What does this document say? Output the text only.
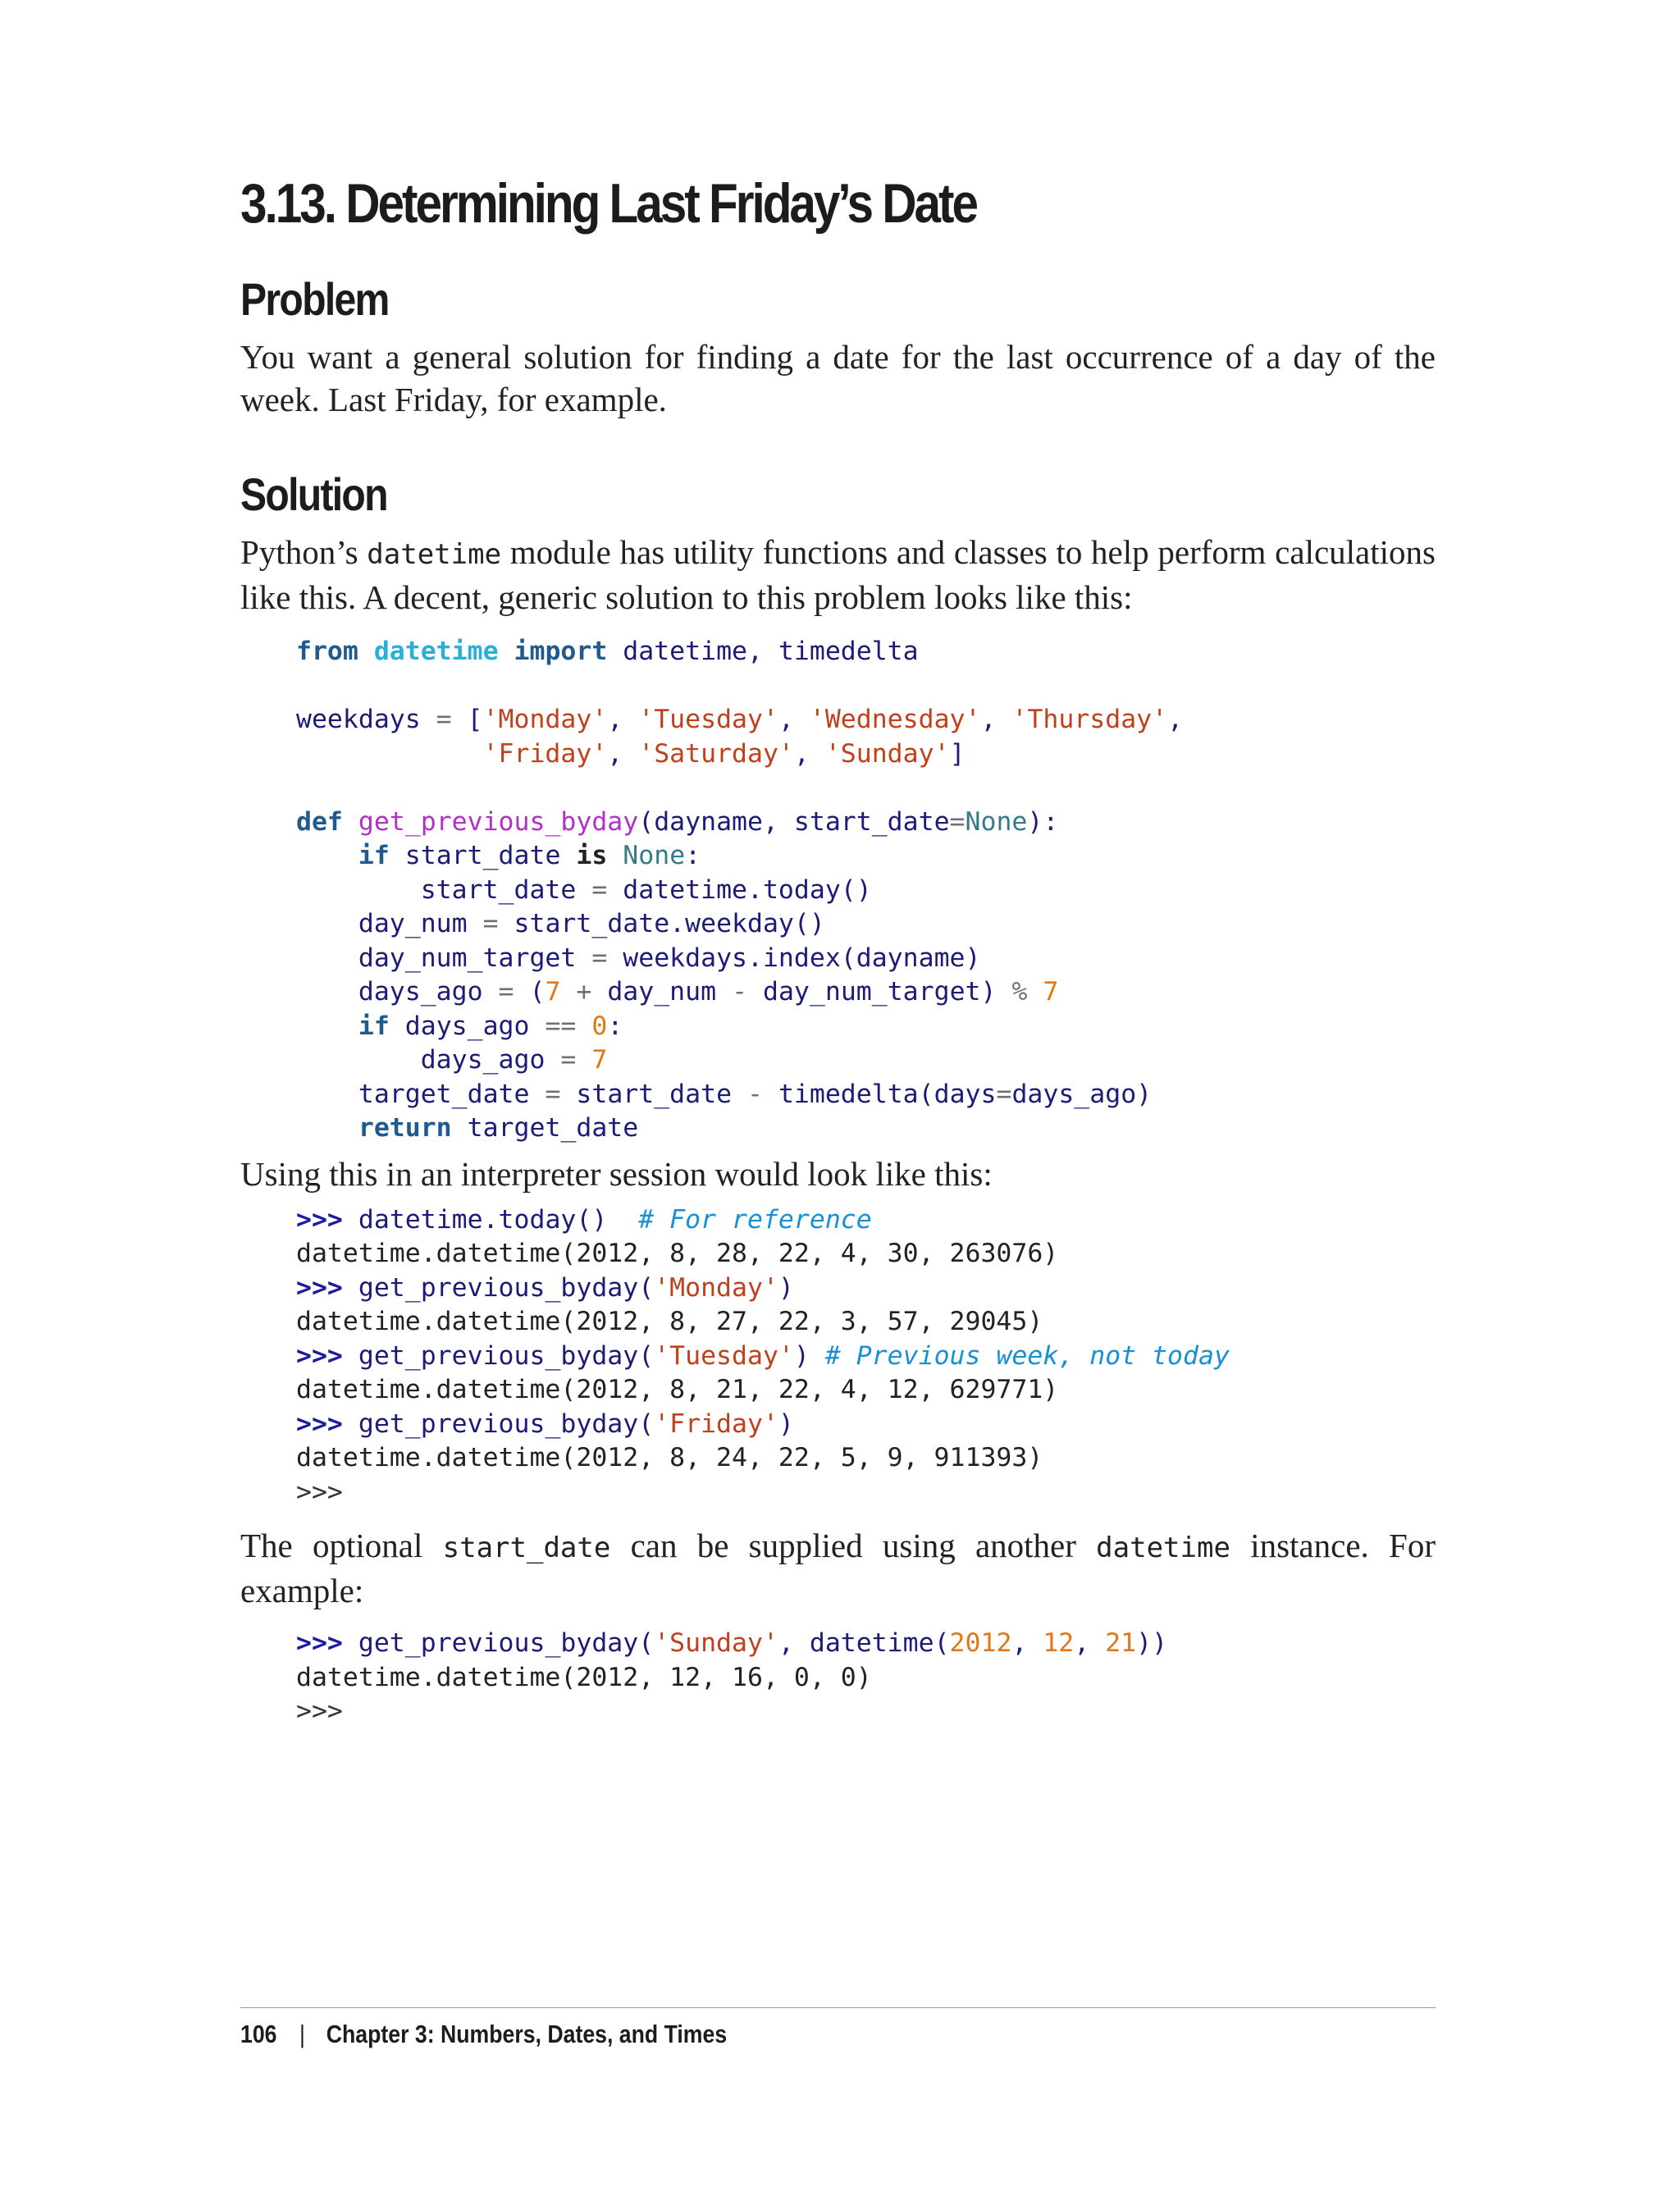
3.13. Determining Last Friday’s Date
Problem

You want a general solution for finding a date for the last occurrence of a day of the week. Last Friday, for example.

Solution

Python’s datetime module has utility functions and classes to help perform calculations like this. A decent, generic solution to this problem looks like this:

from datetime import datetime, timedelta
weekdays = ['Monday', 'Tuesday', 'Wednesday', 'Thursday',
'Friday', 'Saturday', 'Sunday']
def get_previous_byday(dayname, start_date=None):
if start_date is None:
start_date = datetime.today()
day_num = start_date.weekday()
day_num_target = weekdays.index(dayname)
days_ago = (7 + day_num - day_num_target) % 7
if days_ago == 0:
days_ago = 7
target_date = start_date - timedelta(days=days_ago)
return target_date

Using this in an interpreter session would look like this:

>>> datetime.today() # For reference
datetime.datetime(2012, 8, 28, 22, 4, 30, 263076)
>>> get_previous_byday('Monday')
datetime.datetime(2012, 8, 27, 22, 3, 57, 29045)
>>> get_previous_byday('Tuesday') # Previous week, not today
datetime.datetime(2012, 8, 21, 22, 4, 12, 629771)
>>> get_previous_byday('Friday')
datetime.datetime(2012, 8, 24, 22, 5, 9, 911393)
>>>

The optional start_date can be supplied using another datetime instance. For example:

>>> get_previous_byday('Sunday', datetime(2012, 12, 21))
datetime.datetime(2012, 12, 16, 0, 0)
>>>
106 | Chapter 3: Numbers, Dates, and Times
